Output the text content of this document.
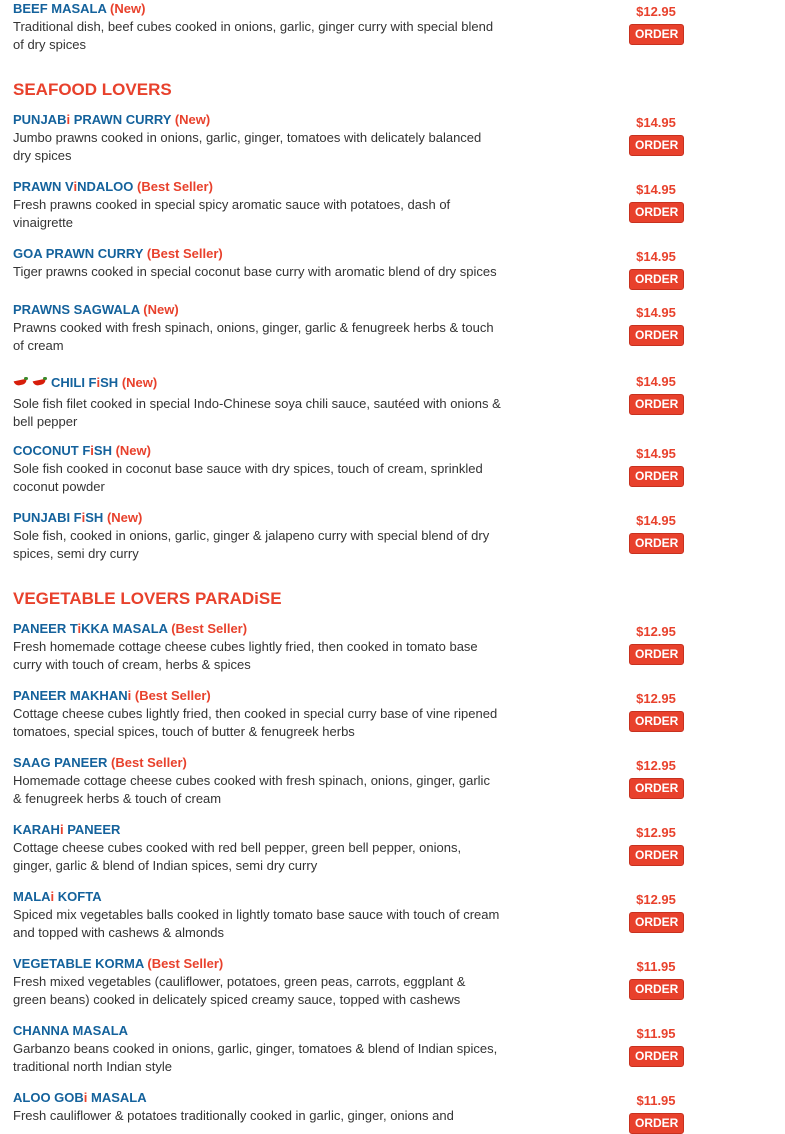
BEEF MASALA (New)
Traditional dish, beef cubes cooked in onions, garlic, ginger curry with special blend of dry spices
$12.95
ORDER
SEAFOOD LOVERS
PUNJABi PRAWN CURRY (New)
Jumbo prawns cooked in onions, garlic, ginger, tomatoes with delicately balanced dry spices
$14.95
ORDER
PRAWN ViNDALOO (Best Seller)
Fresh prawns cooked in special spicy aromatic sauce with potatoes, dash of vinaigrette
$14.95
ORDER
GOA PRAWN CURRY (Best Seller)
Tiger prawns cooked in special coconut base curry with aromatic blend of dry spices
$14.95
ORDER
PRAWNS SAGWALA (New)
Prawns cooked with fresh spinach, onions, ginger, garlic & fenugreek herbs & touch of cream
$14.95
ORDER
CHILI FiSH (New)
Sole fish filet cooked in special Indo-Chinese soya chili sauce, sautéed with onions & bell pepper
$14.95
ORDER
COCONUT FiSH (New)
Sole fish cooked in coconut base sauce with dry spices, touch of cream, sprinkled coconut powder
$14.95
ORDER
PUNJABI FiSH (New)
Sole fish, cooked in onions, garlic, ginger & jalapeno curry with special blend of dry spices, semi dry curry
$14.95
ORDER
VEGETABLE LOVERS PARADiSE
PANEER TiKKA MASALA (Best Seller)
Fresh homemade cottage cheese cubes lightly fried, then cooked in tomato base curry with touch of cream, herbs & spices
$12.95
ORDER
PANEER MAKHANi (Best Seller)
Cottage cheese cubes lightly fried, then cooked in special curry base of vine ripened tomatoes, special spices, touch of butter & fenugreek herbs
$12.95
ORDER
SAAG PANEER (Best Seller)
Homemade cottage cheese cubes cooked with fresh spinach, onions, ginger, garlic & fenugreek herbs & touch of cream
$12.95
ORDER
KARAHi PANEER
Cottage cheese cubes cooked with red bell pepper, green bell pepper, onions, ginger, garlic & blend of Indian spices, semi dry curry
$12.95
ORDER
MALAi KOFTA
Spiced mix vegetables balls cooked in lightly tomato base sauce with touch of cream and topped with cashews & almonds
$12.95
ORDER
VEGETABLE KORMA (Best Seller)
Fresh mixed vegetables (cauliflower, potatoes, green peas, carrots, eggplant & green beans) cooked in delicately spiced creamy sauce, topped with cashews
$11.95
ORDER
CHANNA MASALA
Garbanzo beans cooked in onions, garlic, ginger, tomatoes & blend of Indian spices, traditional north Indian style
$11.95
ORDER
ALOO GOBi MASALA
Fresh cauliflower & potatoes traditionally cooked in garlic, ginger, onions and
$11.95
ORDER
